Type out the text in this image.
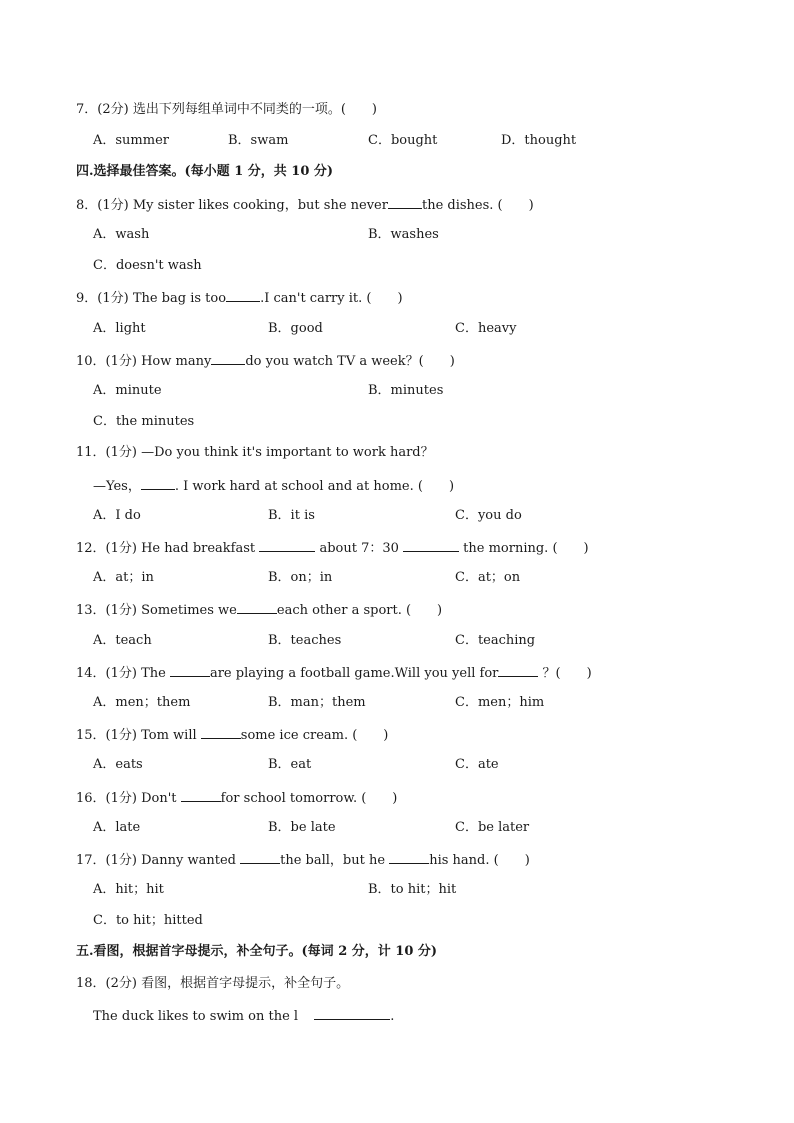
7．(2分) 选出下列每组单词中不同类的一项。(　　)
A．summer	B．swam	C．bought	D．thought
四.选择最佳答案。(每小题 1 分，共 10 分)
8．(1分) My sister likes cooking，but she never	the dishes. (　　)
A．wash	B．washes
C．doesn't wash
9．(1分) The bag is too	.I can't carry it. (　　)
A．light	B．good	C．heavy
10．(1分) How many	do you watch TV a week？(　　)
A．minute	B．minutes
C．the minutes
11．(1分) —Do you think it's important to work hard？
—Yes，	. I work hard at school and at home. (　　)
A．I do	B．it is	C．you do
12．(1分) He had breakfast	about 7：30	the morning. (　　)
A．at；in	B．on；in	C．at；on
13．(1分) Sometimes we	each other a sport. (　　)
A．teach	B．teaches	C．teaching
14．(1分) The	are playing a football game.Will you yell for	？(　　)
A．men；them	B．man；them	C．men；him
15．(1分) Tom will	some ice cream. (　　)
A．eats	B．eat	C．ate
16．(1分) Don't	for school tomorrow. (　　)
A．late	B．be late	C．be later
17．(1分) Danny wanted	the ball，but he	his hand. (　　)
A．hit；hit	B．to hit；hit
C．to hit；hitted
五.看图，根据首字母提示，补全句子。(每词 2 分，计 10 分)
18．(2分) 看图，根据首字母提示，补全句子。
The duck likes to swim on the l	.
